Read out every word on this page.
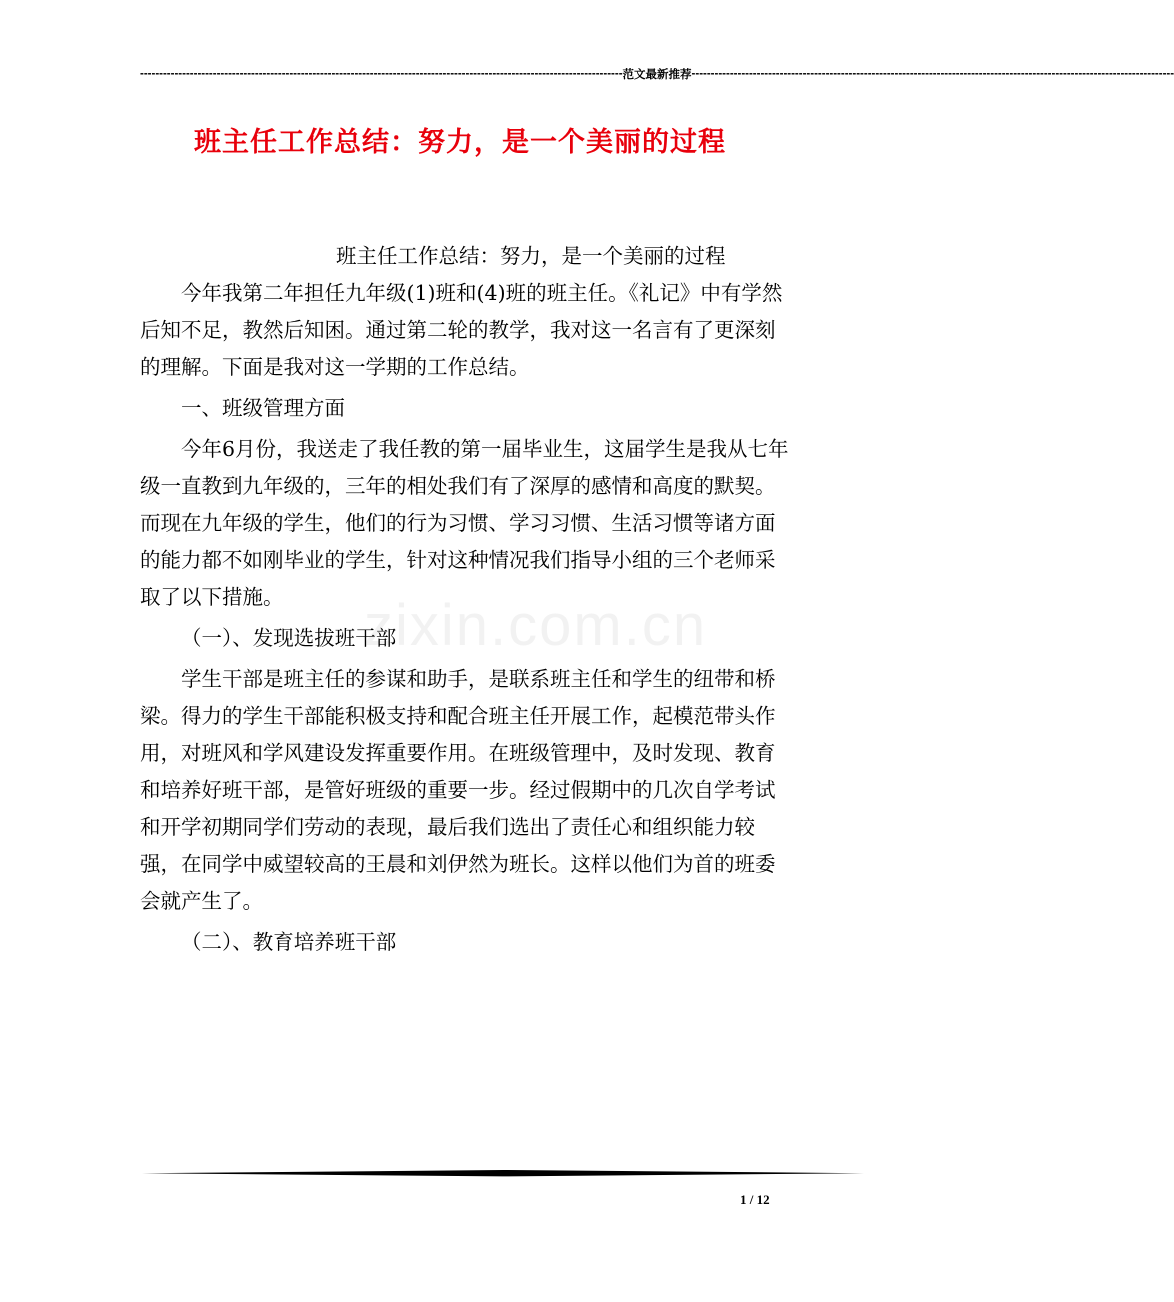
------------------------------------------------------------------------------------------------------------------------------ 范文最新推荐 ------------------------------------------------------------------------------------------------------------------------------
班主任工作总结：努力，是一个美丽的过程
zixin.com.cn

班主任工作总结：努力，是一个美丽的过程

今年我第二年担任九年级(1)班和(4)班的班主任。《礼记》中有学然后知不足，教然后知困。通过第二轮的教学，我对这一名言有了更深刻的理解。下面是我对这一学期的工作总结。

一、班级管理方面

今年6月份，我送走了我任教的第一届毕业生，这届学生是我从七年级一直教到九年级的，三年的相处我们有了深厚的感情和高度的默契。而现在九年级的学生，他们的行为习惯、学习习惯、生活习惯等诸方面的能力都不如刚毕业的学生，针对这种情况我们指导小组的三个老师采取了以下措施。

（一）、发现选拔班干部

学生干部是班主任的参谋和助手，是联系班主任和学生的纽带和桥梁。得力的学生干部能积极支持和配合班主任开展工作，起模范带头作用，对班风和学风建设发挥重要作用。在班级管理中，及时发现、教育和培养好班干部，是管好班级的重要一步。经过假期中的几次自学考试和开学初期同学们劳动的表现，最后我们选出了责任心和组织能力较强，在同学中威望较高的王晨和刘伊然为班长。这样以他们为首的班委会就产生了。

（二）、教育培养班干部

1 / 12
